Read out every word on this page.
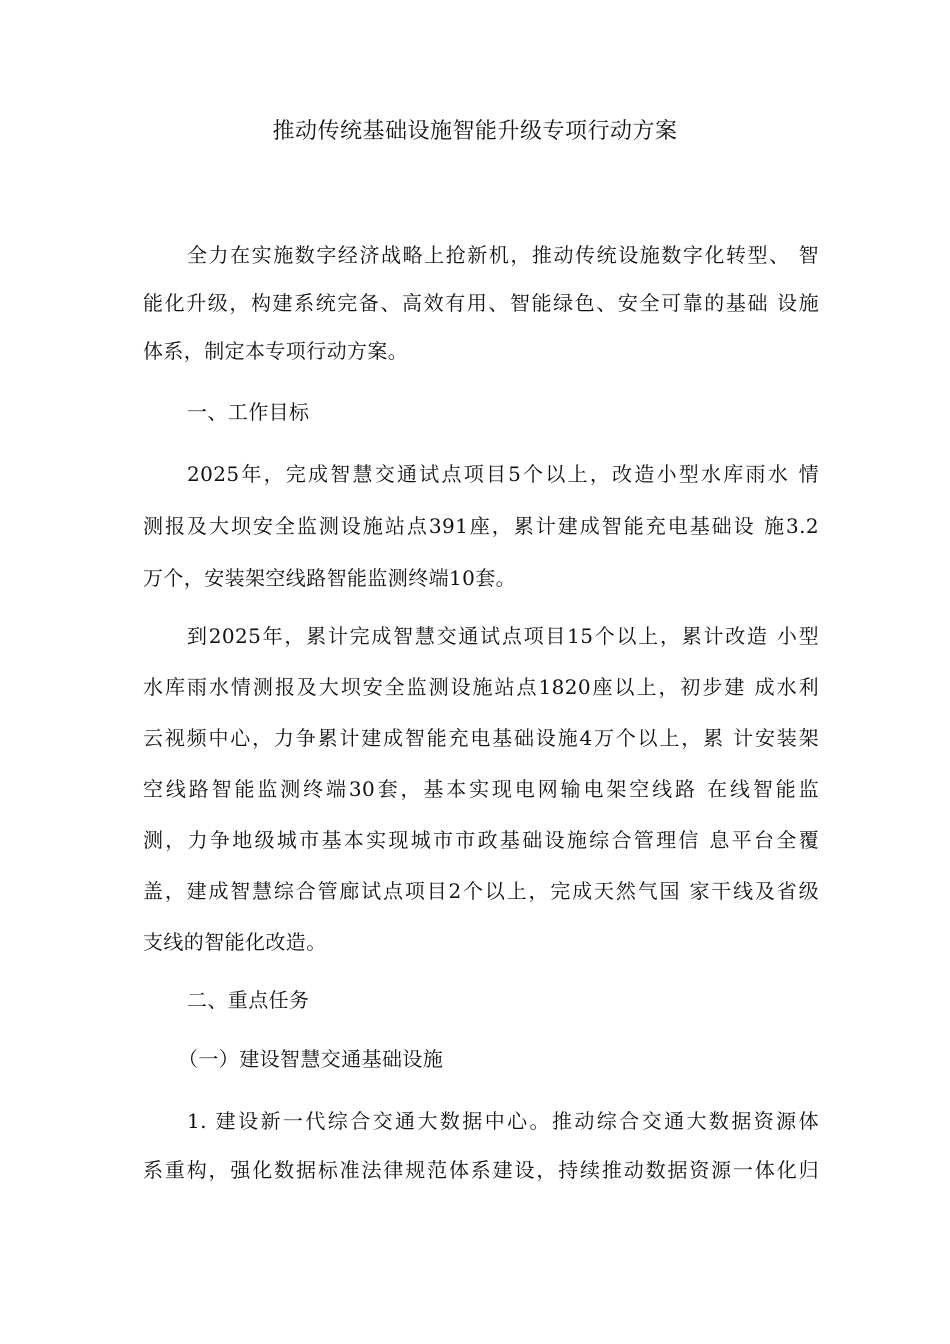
推动传统基础设施智能升级专项行动方案
全力在实施数字经济战略上抢新机，推动传统设施数字化转型、 智
能化升级，构建系统完备、高效有用、智能绿色、安全可靠的基础 设施
体系，制定本专项行动方案。
一、工作目标
2025年，完成智慧交通试点项目5个以上，改造小型水库雨水 情
测报及大坝安全监测设施站点391座，累计建成智能充电基础设 施3.2
万个，安装架空线路智能监测终端10套。
到2025年，累计完成智慧交通试点项目15个以上，累计改造 小型
水库雨水情测报及大坝安全监测设施站点1820座以上，初步建 成水利
云视频中心，力争累计建成智能充电基础设施4万个以上，累 计安装架
空线路智能监测终端30套，基本实现电网输电架空线路 在线智能监
测，力争地级城市基本实现城市市政基础设施综合管理信 息平台全覆
盖，建成智慧综合管廊试点项目2个以上，完成天然气国 家干线及省级
支线的智能化改造。
二、重点任务
（一）建设智慧交通基础设施
1. 建设新一代综合交通大数据中心。推动综合交通大数据资源体
系重构，强化数据标准法律规范体系建设，持续推动数据资源一体化归
